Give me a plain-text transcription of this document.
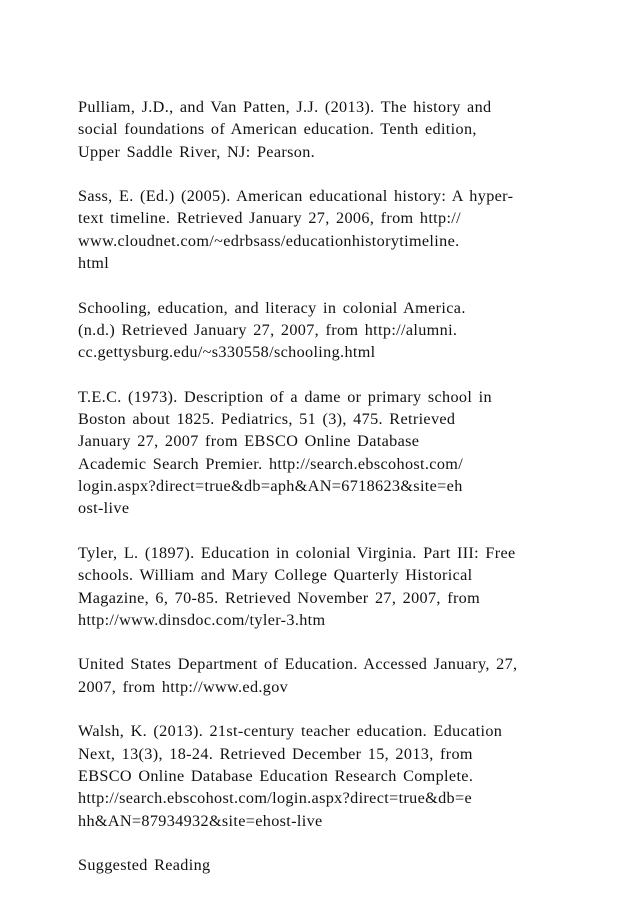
Pulliam, J.D., and Van Patten, J.J. (2013). The history and
social foundations of American education. Tenth edition,
Upper Saddle River, NJ: Pearson.
Sass, E. (Ed.) (2005). American educational history: A hyper-
text timeline. Retrieved January 27, 2006, from http://
www.cloudnet.com/~edrbsass/educationhistorytimeline.
html
Schooling, education, and literacy in colonial America.
(n.d.) Retrieved January 27, 2007, from http://alumni.
cc.gettysburg.edu/~s330558/schooling.html
T.E.C. (1973). Description of a dame or primary school in
Boston about 1825. Pediatrics, 51 (3), 475. Retrieved
January 27, 2007 from EBSCO Online Database
Academic Search Premier. http://search.ebscohost.com/
login.aspx?direct=true&db=aph&AN=6718623&site=eh
ost-live
Tyler, L. (1897). Education in colonial Virginia. Part III: Free
schools. William and Mary College Quarterly Historical
Magazine, 6, 70-85. Retrieved November 27, 2007, from
http://www.dinsdoc.com/tyler-3.htm
United States Department of Education. Accessed January, 27,
2007, from http://www.ed.gov
Walsh, K. (2013). 21st-century teacher education. Education
Next, 13(3), 18-24. Retrieved December 15, 2013, from
EBSCO Online Database Education Research Complete.
http://search.ebscohost.com/login.aspx?direct=true&db=e
hh&AN=87934932&site=ehost-live
Suggested Reading
